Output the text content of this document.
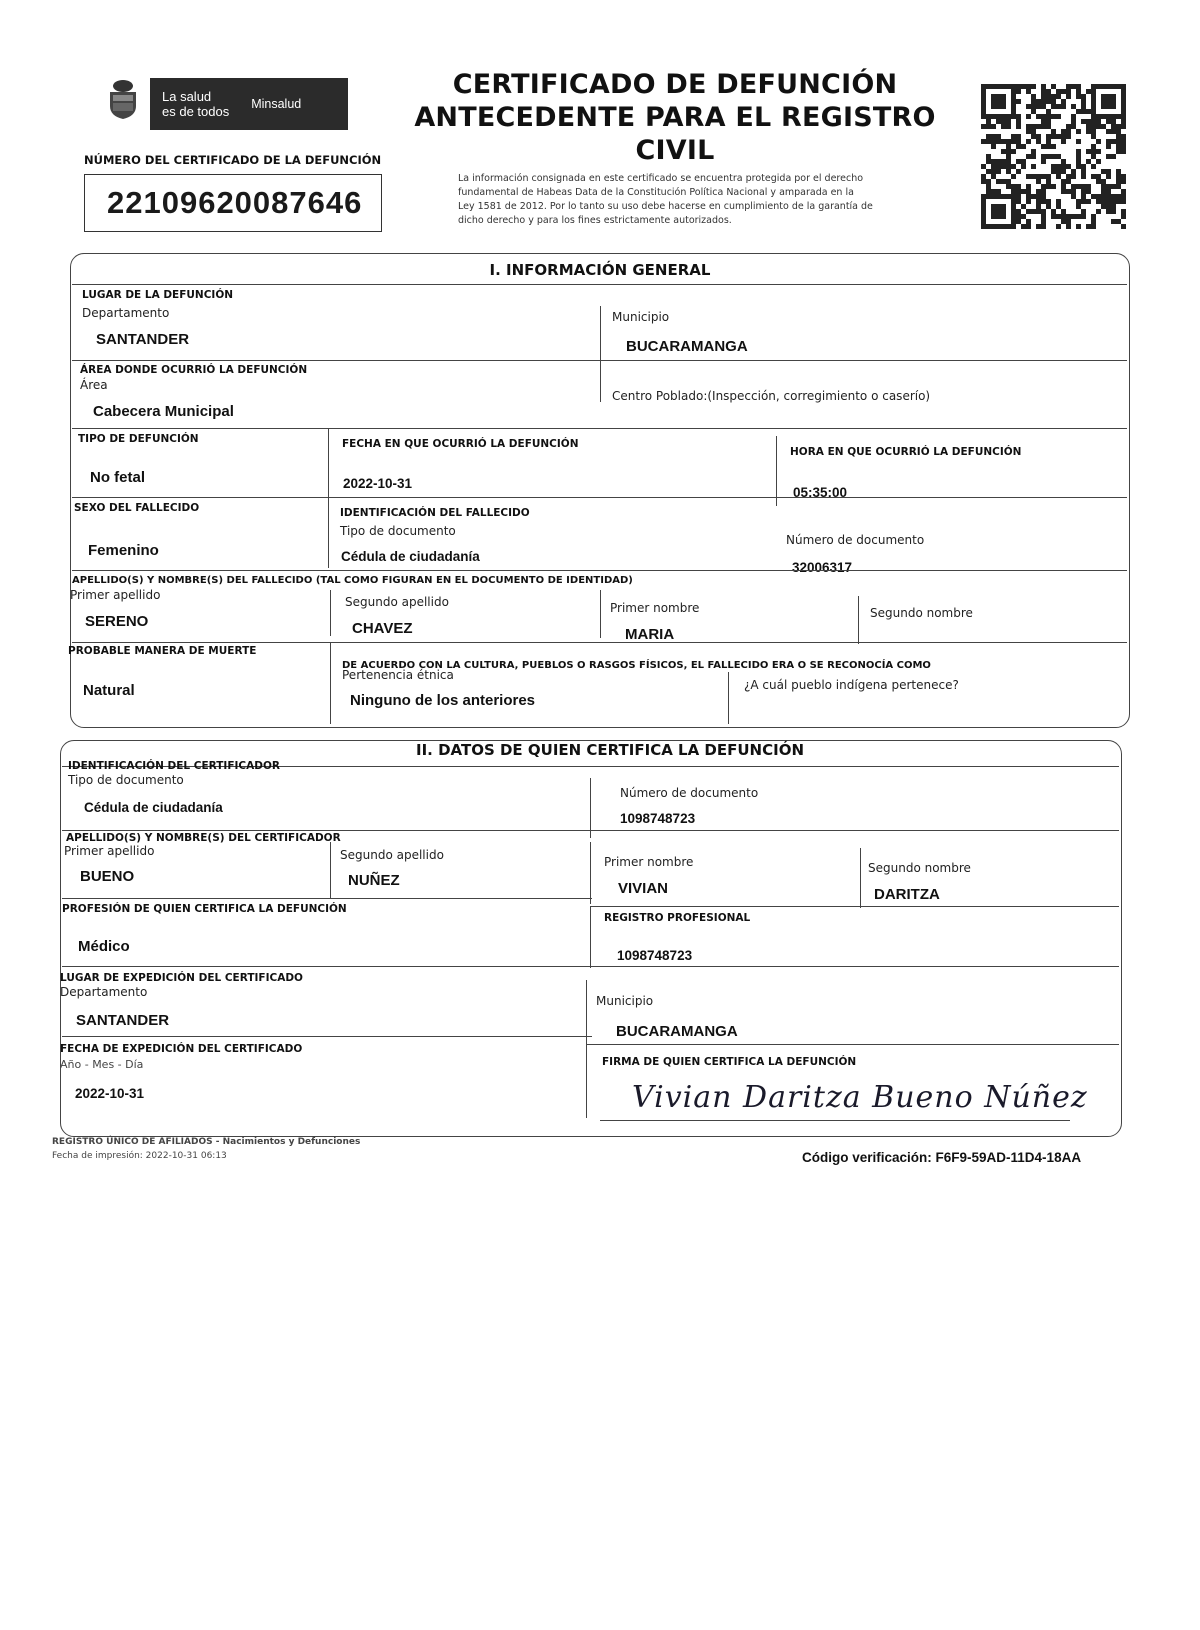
La salud
es de todos Minsalud
CERTIFICADO DE DEFUNCIÓN
ANTECEDENTE PARA EL REGISTRO CIVIL
NÚMERO DEL CERTIFICADO DE LA DEFUNCIÓN
22109620087646
La información consignada en este certificado se encuentra protegida por el derecho
fundamental de Habeas Data de la Constitución Política Nacional y amparada en la
Ley 1581 de 2012. Por lo tanto su uso debe hacerse en cumplimiento de la garantía de
dicho derecho y para los fines estrictamente autorizados.
I. INFORMACIÓN GENERAL
LUGAR DE LA DEFUNCIÓN
Departamento
SANTANDER
Municipio
BUCARAMANGA
ÁREA DONDE OCURRIÓ LA DEFUNCIÓN
Área
Cabecera Municipal
Centro Poblado:(Inspección, corregimiento o caserío)
TIPO DE DEFUNCIÓN
No fetal
FECHA EN QUE OCURRIÓ LA DEFUNCIÓN
2022-10-31
HORA EN QUE OCURRIÓ LA DEFUNCIÓN
05:35:00
SEXO DEL FALLECIDO
Femenino
IDENTIFICACIÓN DEL FALLECIDO
Tipo de documento
Cédula de ciudadanía
Número de documento
32006317
APELLIDO(S) Y NOMBRE(S) DEL FALLECIDO (TAL COMO FIGURAN EN EL DOCUMENTO DE IDENTIDAD)
Primer apellido
SERENO
Segundo apellido
CHAVEZ
Primer nombre
MARIA
Segundo nombre
PROBABLE MANERA DE MUERTE
Natural
DE ACUERDO CON LA CULTURA, PUEBLOS O RASGOS FÍSICOS, EL FALLECIDO ERA O SE RECONOCÍA COMO
Pertenencia étnica
Ninguno de los anteriores
¿A cuál pueblo indígena pertenece?
II. DATOS DE QUIEN CERTIFICA LA DEFUNCIÓN
IDENTIFICACIÓN DEL CERTIFICADOR
Tipo de documento
Cédula de ciudadanía
Número de documento
1098748723
APELLIDO(S) Y NOMBRE(S) DEL CERTIFICADOR
Primer apellido
BUENO
Segundo apellido
NUÑEZ
Primer nombre
VIVIAN
Segundo nombre
DARITZA
PROFESIÓN DE QUIEN CERTIFICA LA DEFUNCIÓN
Médico
REGISTRO PROFESIONAL
1098748723
LUGAR DE EXPEDICIÓN DEL CERTIFICADO
Departamento
SANTANDER
Municipio
BUCARAMANGA
FECHA DE EXPEDICIÓN DEL CERTIFICADO
Año - Mes - Día
2022-10-31
FIRMA DE QUIEN CERTIFICA LA DEFUNCIÓN
Vivian Daritza Bueno Núñez
REGISTRO ÚNICO DE AFILIADOS - Nacimientos y Defunciones
Fecha de impresión: 2022-10-31 06:13	Código verificación: F6F9-59AD-11D4-18AA
